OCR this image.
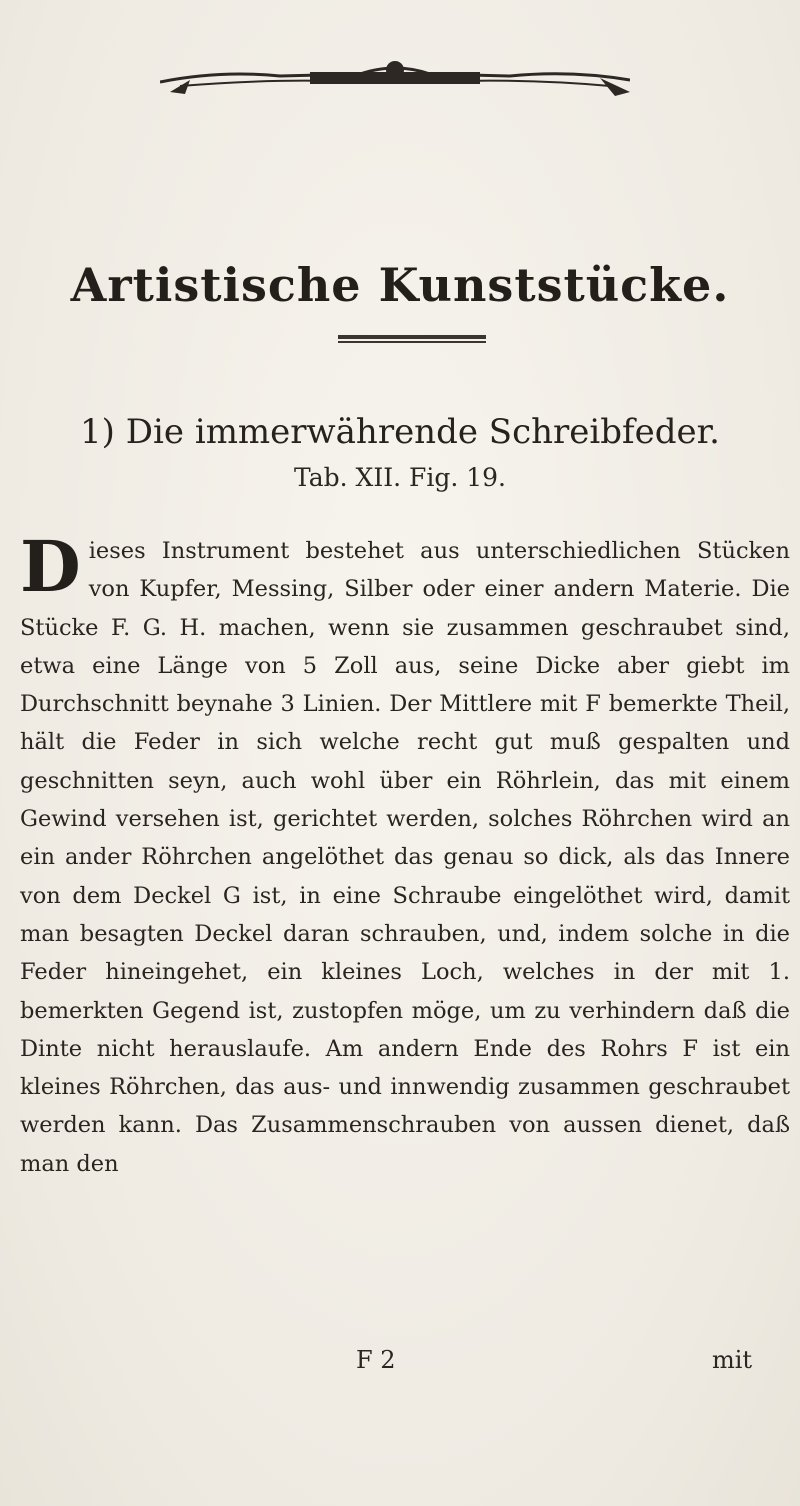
Artistische Kunststücke.
1) Die immerwährende Schreibfeder.
Tab. XII. Fig. 19.

D ieses Instrument bestehet aus unterschiedlichen Stücken von Kupfer, Messing, Silber oder einer andern Materie. Die Stücke F. G. H. machen, wenn sie zusammen geschraubet sind, etwa eine Länge von 5 Zoll aus, seine Dicke aber giebt im Durchschnitt beynahe 3 Linien. Der Mittlere mit F bemerkte Theil, hält die Feder in sich welche recht gut muß gespalten und geschnitten seyn, auch wohl über ein Röhrlein, das mit einem Gewind versehen ist, gerichtet werden, solches Röhrchen wird an ein ander Röhrchen angelöthet das genau so dick, als das Innere von dem Deckel G ist, in eine Schraube eingelöthet wird, damit man besagten Deckel daran schrauben, und, indem solche in die Feder hineingehet, ein kleines Loch, welches in der mit 1. bemerkten Gegend ist, zustopfen möge, um zu verhindern daß die Dinte nicht herauslaufe. Am andern Ende des Rohrs F ist ein kleines Röhrchen, das aus- und innwendig zusammen geschraubet werden kann. Das Zusammenschrauben von aussen dienet, daß man den

F 2	mit
